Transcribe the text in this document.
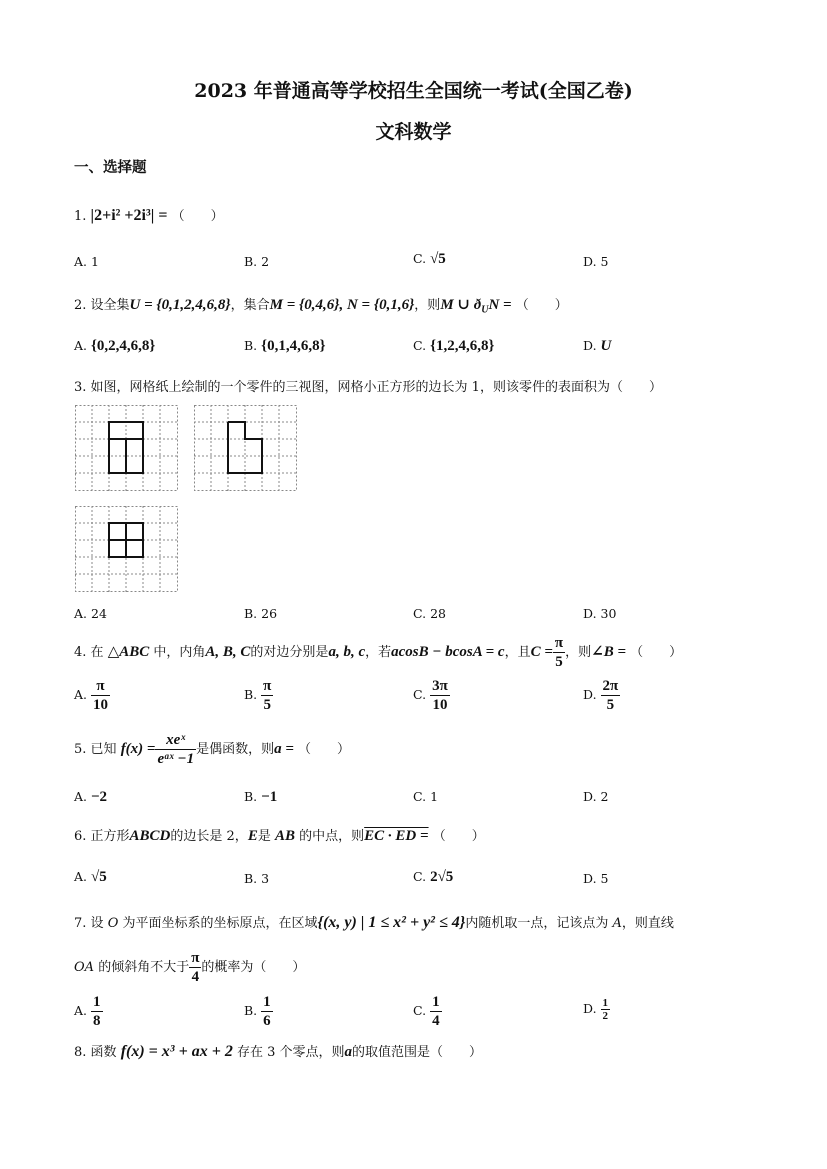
2023 年普通高等学校招生全国统一考试(全国乙卷)
文科数学
一、选择题
1. |2+i² +2i³| = （　　）
A. 1	B. 2	C. √5	D. 5
2. 设全集U = {0,1,2,4,6,8}，集合M = {0,4,6}, N = {0,1,6}，则M ∪ $ð_UN$ = （　　）
A. {0,2,4,6,8}	B. {0,1,4,6,8}	C. {1,2,4,6,8}	D. U
3. 如图，网格纸上绘制的一个零件的三视图，网格小正方形的边长为 1，则该零件的表面积为（　　）
A. 24	B. 26	C. 28	D. 30
4. 在 △ABC 中，内角A, B, C的对边分别是a, b, c，若acosB − bcosA = c，且$C = \frac{\pi}{5}$ ，则∠B = （　　）
A. $\frac{\pi}{10}$	B. $\frac{\pi}{5}$	C. $\frac{3\pi}{10}$	D. $\frac{2\pi}{5}$
5. 已知 $f(x) = \frac{\text{xeˣ}}{\text{eᵃˣ −1}}$ 是偶函数，则a = （　　）
A. −2	B. −1	C. 1	D. 2
6. 正方形ABCD的边长是 2，E是 AB 的中点，则EC · ED = （　　）
A. √5	B. 3	C. 2√5	D. 5
7. 设 O 为平面坐标系的坐标原点，在区域{(x, y) | 1 ≤ x² + y² ≤ 4}内随机取一点，记该点为 A，则直线
OA 的倾斜角不大于 $\frac{\pi}{4}$ 的概率为（　　）
A. $\frac{1}{8}$	B. $\frac{1}{6}$	C. $\frac{1}{4}$	D. $\frac{1}{2}$
8. 函数 f(x) = x³ + ax + 2 存在 3 个零点，则a的取值范围是（　　）
